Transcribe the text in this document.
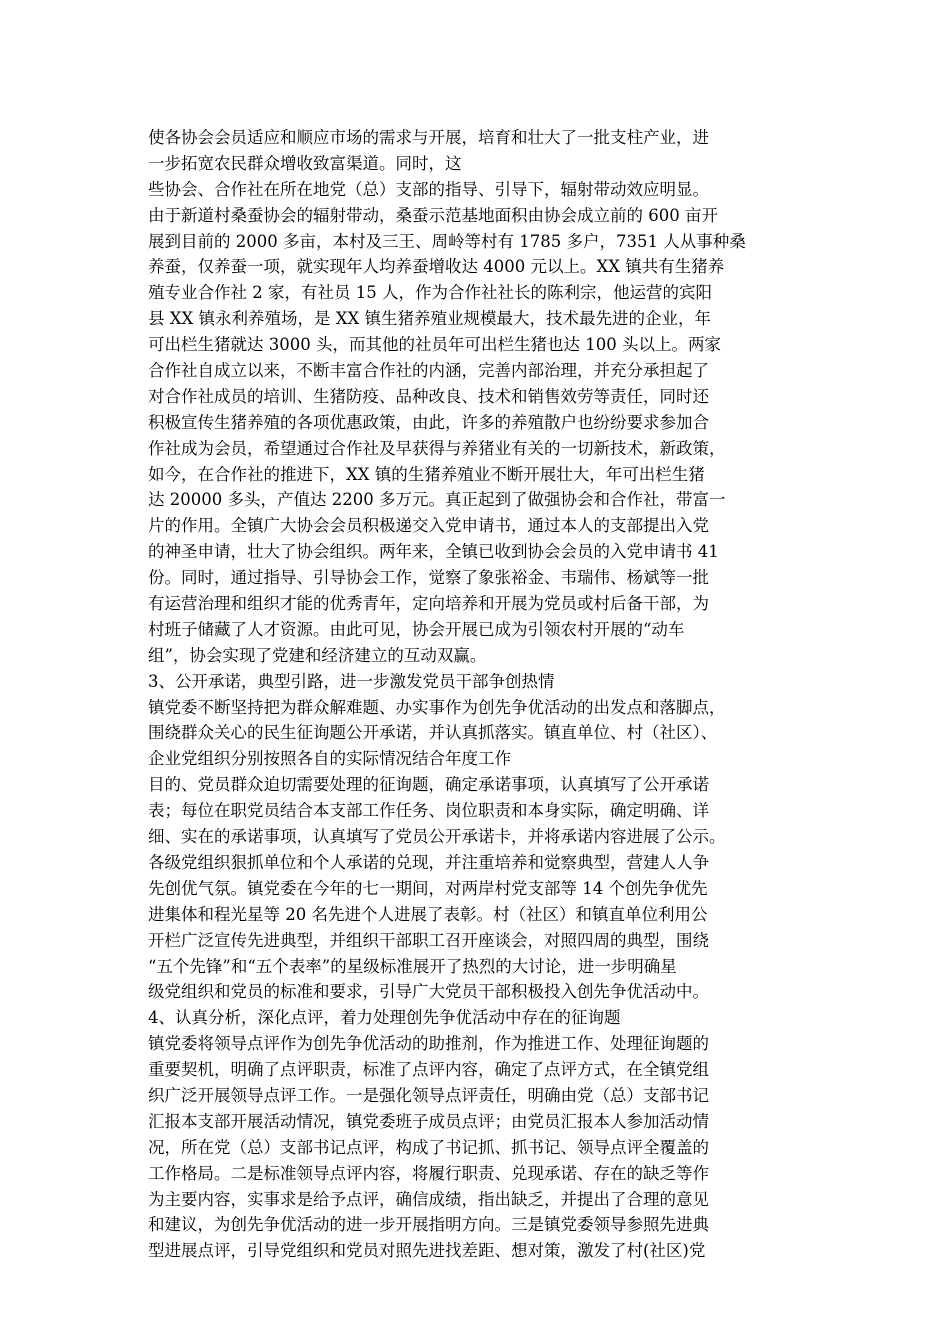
使各协会会员适应和顺应市场的需求与开展，培育和壮大了一批支柱产业，进
一步拓宽农民群众增收致富渠道。同时，这
些协会、合作社在所在地党（总）支部的指导、引导下，辐射带动效应明显。
由于新道村桑蚕协会的辐射带动，桑蚕示范基地面积由协会成立前的 600 亩开
展到目前的 2000 多亩，本村及三王、周岭等村有 1785 多户，7351 人从事种桑
养蚕，仅养蚕一项，就实现年人均养蚕增收达 4000 元以上。XX 镇共有生猪养
殖专业合作社 2 家，有社员 15 人，作为合作社社长的陈利宗，他运营的宾阳
县 XX 镇永利养殖场，是 XX 镇生猪养殖业规模最大，技术最先进的企业，年
可出栏生猪就达 3000 头，而其他的社员年可出栏生猪也达 100 头以上。两家
合作社自成立以来，不断丰富合作社的内涵，完善内部治理，并充分承担起了
对合作社成员的培训、生猪防疫、品种改良、技术和销售效劳等责任，同时还
积极宣传生猪养殖的各项优惠政策，由此，许多的养殖散户也纷纷要求参加合
作社成为会员，希望通过合作社及早获得与养猪业有关的一切新技术，新政策，
如今，在合作社的推进下，XX 镇的生猪养殖业不断开展壮大，年可出栏生猪
达 20000 多头，产值达 2200 多万元。真正起到了做强协会和合作社，带富一
片的作用。全镇广大协会会员积极递交入党申请书，通过本人的支部提出入党
的神圣申请，壮大了协会组织。两年来，全镇已收到协会会员的入党申请书 41
份。同时，通过指导、引导协会工作，觉察了象张裕金、韦瑞伟、杨斌等一批
有运营治理和组织才能的优秀青年，定向培养和开展为党员或村后备干部，为
村班子储藏了人才资源。由此可见，协会开展已成为引领农村开展的“动车
组”，协会实现了党建和经济建立的互动双赢。
3、公开承诺，典型引路，进一步激发党员干部争创热情
镇党委不断坚持把为群众解难题、办实事作为创先争优活动的出发点和落脚点，
围绕群众关心的民生征询题公开承诺，并认真抓落实。镇直单位、村（社区）、
企业党组织分别按照各自的实际情况结合年度工作
目的、党员群众迫切需要处理的征询题，确定承诺事项，认真填写了公开承诺
表；每位在职党员结合本支部工作任务、岗位职责和本身实际，确定明确、详
细、实在的承诺事项，认真填写了党员公开承诺卡，并将承诺内容进展了公示。
各级党组织狠抓单位和个人承诺的兑现，并注重培养和觉察典型，营建人人争
先创优气氛。镇党委在今年的七一期间，对两岸村党支部等 14 个创先争优先
进集体和程光星等 20 名先进个人进展了表彰。村（社区）和镇直单位利用公
开栏广泛宣传先进典型，并组织干部职工召开座谈会，对照四周的典型，围绕
“五个先锋”和“五个表率”的星级标准展开了热烈的大讨论，进一步明确星
级党组织和党员的标准和要求，引导广大党员干部积极投入创先争优活动中。
4、认真分析，深化点评，着力处理创先争优活动中存在的征询题
镇党委将领导点评作为创先争优活动的助推剂，作为推进工作、处理征询题的
重要契机，明确了点评职责，标准了点评内容，确定了点评方式，在全镇党组
织广泛开展领导点评工作。一是强化领导点评责任，明确由党（总）支部书记
汇报本支部开展活动情况，镇党委班子成员点评；由党员汇报本人参加活动情
况，所在党（总）支部书记点评，构成了书记抓、抓书记、领导点评全覆盖的
工作格局。二是标准领导点评内容，将履行职责、兑现承诺、存在的缺乏等作
为主要内容，实事求是给予点评，确信成绩，指出缺乏，并提出了合理的意见
和建议，为创先争优活动的进一步开展指明方向。三是镇党委领导参照先进典
型进展点评，引导党组织和党员对照先进找差距、想对策，激发了村(社区)党
